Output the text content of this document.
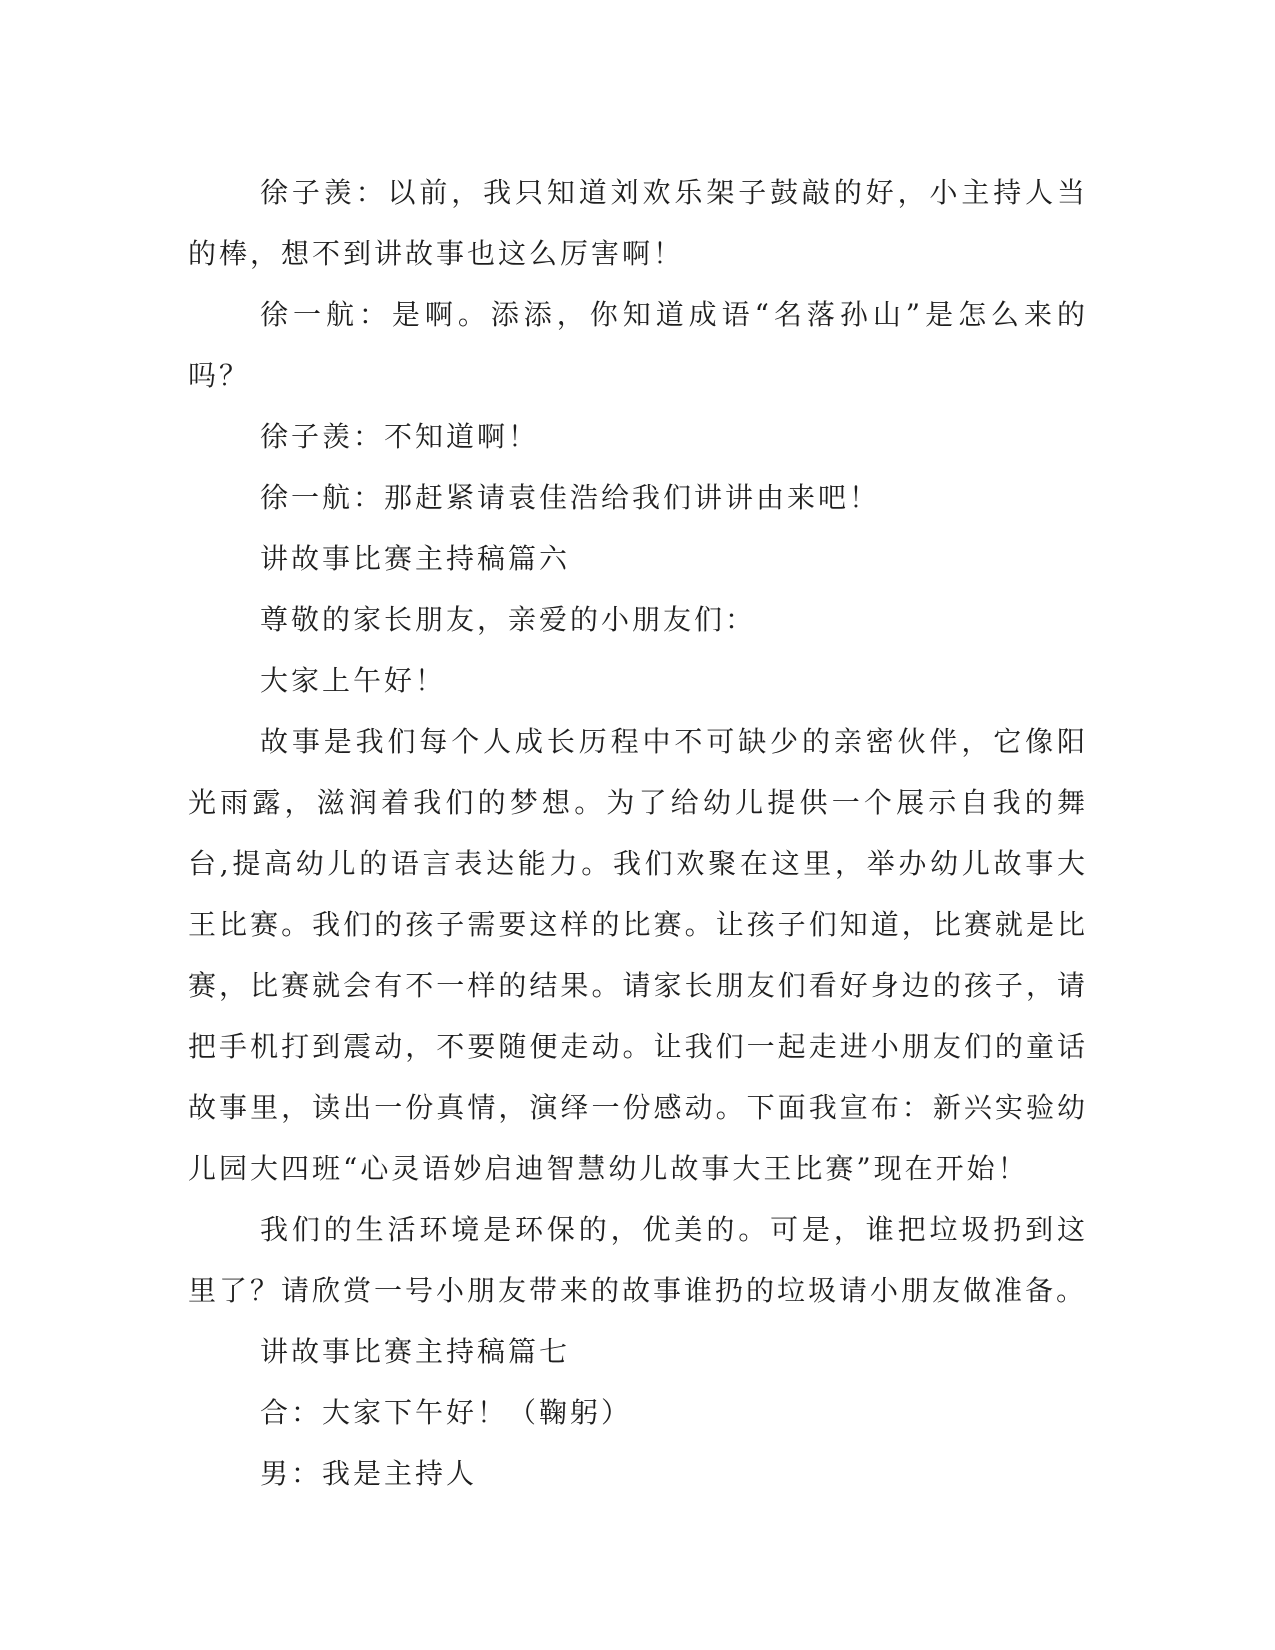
徐子羡：以前，我只知道刘欢乐架子鼓敲的好，小主持人当的棒，想不到讲故事也这么厉害啊！

徐一航：是啊。添添，你知道成语“名落孙山”是怎么来的吗？

徐子羡：不知道啊！

徐一航：那赶紧请袁佳浩给我们讲讲由来吧！

讲故事比赛主持稿篇六

尊敬的家长朋友，亲爱的小朋友们：

大家上午好！

故事是我们每个人成长历程中不可缺少的亲密伙伴，它像阳光雨露，滋润着我们的梦想。为了给幼儿提供一个展示自我的舞台,提高幼儿的语言表达能力。我们欢聚在这里，举办幼儿故事大王比赛。我们的孩子需要这样的比赛。让孩子们知道，比赛就是比赛，比赛就会有不一样的结果。请家长朋友们看好身边的孩子，请把手机打到震动，不要随便走动。让我们一起走进小朋友们的童话故事里，读出一份真情，演绎一份感动。下面我宣布：新兴实验幼儿园大四班“心灵语妙启迪智慧幼儿故事大王比赛”现在开始！

我们的生活环境是环保的，优美的。可是，谁把垃圾扔到这里了？请欣赏一号小朋友带来的故事谁扔的垃圾请小朋友做准备。

讲故事比赛主持稿篇七

合：大家下午好！（鞠躬）

男：我是主持人
